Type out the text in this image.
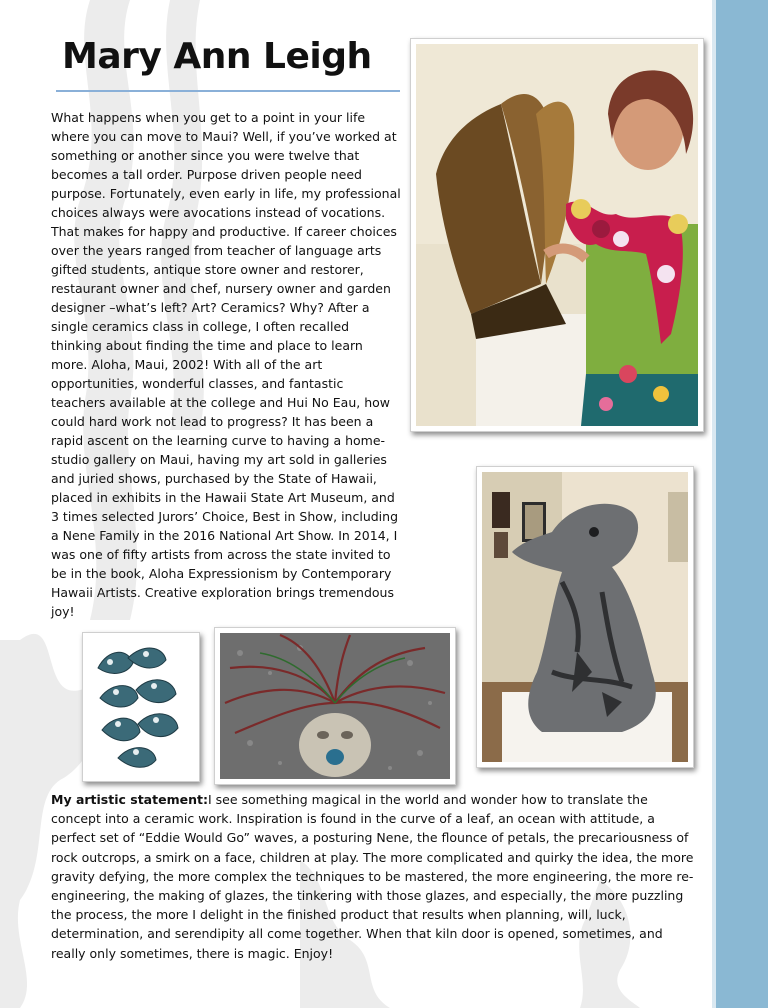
Mary Ann Leigh

What happens when you get to a point in your life where you can move to Maui? Well, if you’ve worked at something or another since you were twelve that becomes a tall order. Purpose driven people need purpose. Fortunately, even early in life, my professional choices always were avocations instead of vocations. That makes for happy and productive. If career choices over the years ranged from teacher of language arts gifted students, antique store owner and restorer, restaurant owner and chef, nursery owner and garden designer –what’s left? Art? Ceramics? Why? After a single ceramics class in college, I often recalled thinking about finding the time and place to learn more. Aloha, Maui, 2002! With all of the art opportunities, wonderful classes, and fantastic teachers available at the college and Hui No Eau, how could hard work not lead to progress? It has been a rapid ascent on the learning curve to having a home-studio gallery on Maui, having my art sold in galleries and juried shows, purchased by the State of Hawaii, placed in exhibits in the Hawaii State Art Museum, and 3 times selected Jurors’ Choice, Best in Show, including a Nene Family in the 2016 National Art Show. In 2014, I was one of fifty artists from across the state invited to be in the book, Aloha Expressionism by Contemporary Hawaii Artists. Creative exploration brings tremendous joy!

My artistic statement:I see something magical in the world and wonder how to translate the concept into a ceramic work. Inspiration is found in the curve of a leaf, an ocean with attitude, a perfect set of “Eddie Would Go” waves, a posturing Nene, the flounce of petals, the precariousness of rock outcrops, a smirk on a face, children at play. The more complicated and quirky the idea, the more gravity defying, the more complex the techniques to be mastered, the more engineering, the more re-engineering, the making of glazes, the tinkering with those glazes, and especially, the more puzzling the process, the more I delight in the finished product that results when planning, will, luck, determination, and serendipity all come together. When that kiln door is opened, sometimes, and really only sometimes, there is magic. Enjoy!
